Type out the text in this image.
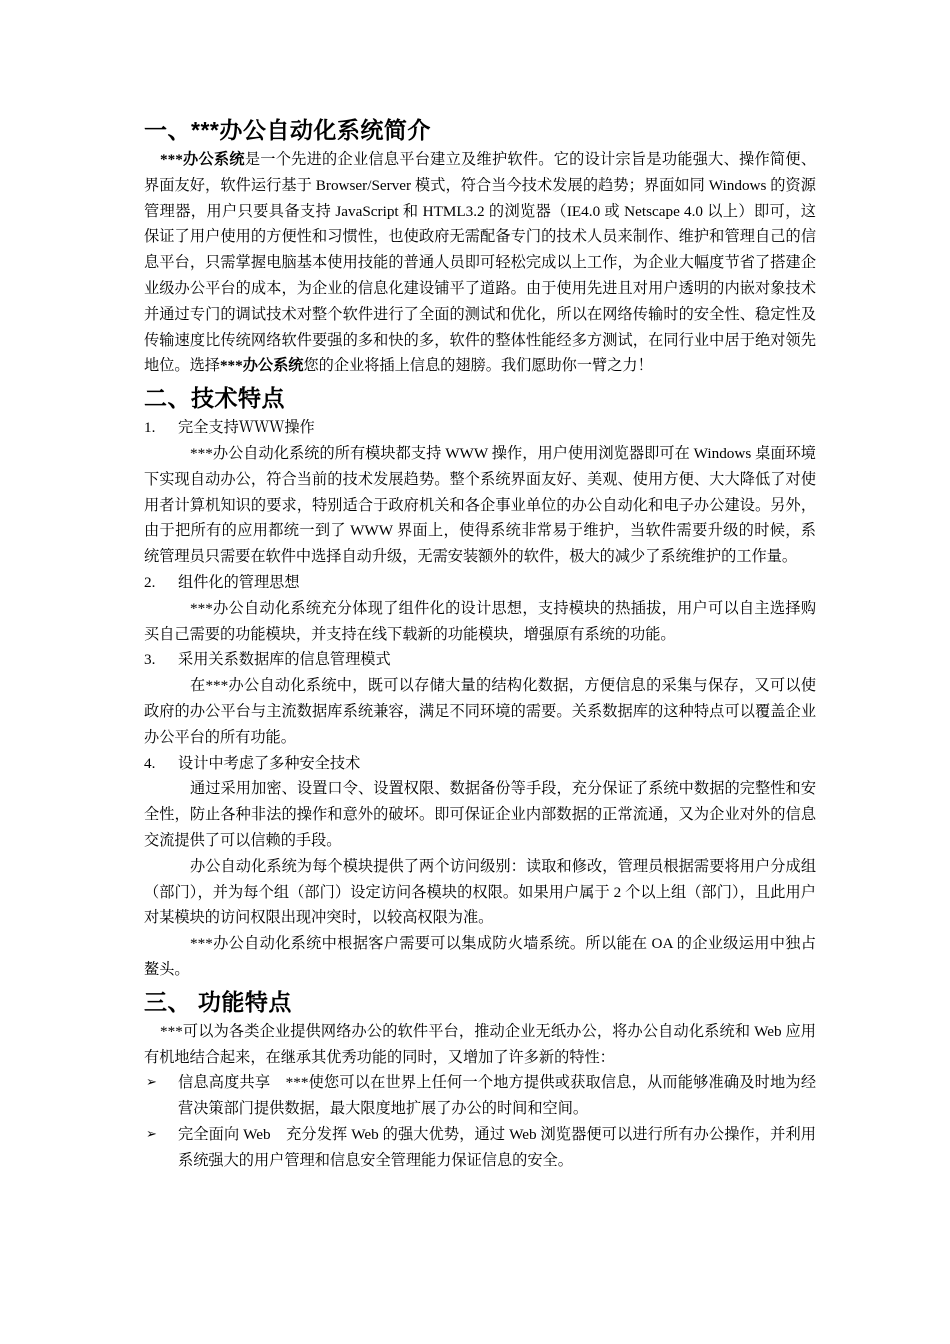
一、***办公自动化系统简介

***办公系统是一个先进的企业信息平台建立及维护软件。它的设计宗旨是功能强大、操作简便、界面友好，软件运行基于 Browser/Server 模式，符合当今技术发展的趋势；界面如同 Windows 的资源管理器，用户只要具备支持 JavaScript 和 HTML3.2 的浏览器（IE4.0 或 Netscape 4.0 以上）即可，这保证了用户使用的方便性和习惯性，也使政府无需配备专门的技术人员来制作、维护和管理自己的信息平台，只需掌握电脑基本使用技能的普通人员即可轻松完成以上工作，为企业大幅度节省了搭建企业级办公平台的成本，为企业的信息化建设铺平了道路。由于使用先进且对用户透明的内嵌对象技术并通过专门的调试技术对整个软件进行了全面的测试和优化，所以在网络传输时的安全性、稳定性及传输速度比传统网络软件要强的多和快的多，软件的整体性能经多方测试，在同行业中居于绝对领先地位。选择***办公系统您的企业将插上信息的翅膀。我们愿助你一臂之力！

二、技术特点

1. 完全支持ＷＷＷ操作

***办公自动化系统的所有模块都支持 WWW 操作，用户使用浏览器即可在 Windows 桌面环境下实现自动办公，符合当前的技术发展趋势。整个系统界面友好、美观、使用方便、大大降低了对使用者计算机知识的要求，特别适合于政府机关和各企事业单位的办公自动化和电子办公建设。另外，由于把所有的应用都统一到了 WWW 界面上，使得系统非常易于维护，当软件需要升级的时候，系统管理员只需要在软件中选择自动升级，无需安装额外的软件，极大的减少了系统维护的工作量。

2. 组件化的管理思想

***办公自动化系统充分体现了组件化的设计思想，支持模块的热插拔，用户可以自主选择购买自己需要的功能模块，并支持在线下载新的功能模块，增强原有系统的功能。

3. 采用关系数据库的信息管理模式

在***办公自动化系统中，既可以存储大量的结构化数据，方便信息的采集与保存，又可以使政府的办公平台与主流数据库系统兼容，满足不同环境的需要。关系数据库的这种特点可以覆盖企业办公平台的所有功能。

4. 设计中考虑了多种安全技术

通过采用加密、设置口令、设置权限、数据备份等手段，充分保证了系统中数据的完整性和安全性，防止各种非法的操作和意外的破坏。即可保证企业内部数据的正常流通，又为企业对外的信息交流提供了可以信赖的手段。

办公自动化系统为每个模块提供了两个访问级别：读取和修改，管理员根据需要将用户分成组（部门），并为每个组（部门）设定访问各模块的权限。如果用户属于 2 个以上组（部门），且此用户对某模块的访问权限出现冲突时，以较高权限为准。

***办公自动化系统中根据客户需要可以集成防火墙系统。所以能在 OA 的企业级运用中独占鳌头。

三、 功能特点

***可以为各类企业提供网络办公的软件平台，推动企业无纸办公，将办公自动化系统和 Web 应用有机地结合起来，在继承其优秀功能的同时，又增加了许多新的特性：

➢ 信息高度共享　***使您可以在世界上任何一个地方提供或获取信息，从而能够准确及时地为经营决策部门提供数据，最大限度地扩展了办公的时间和空间。

➢ 完全面向 Web　充分发挥 Web 的强大优势，通过 Web 浏览器便可以进行所有办公操作，并利用系统强大的用户管理和信息安全管理能力保证信息的安全。
